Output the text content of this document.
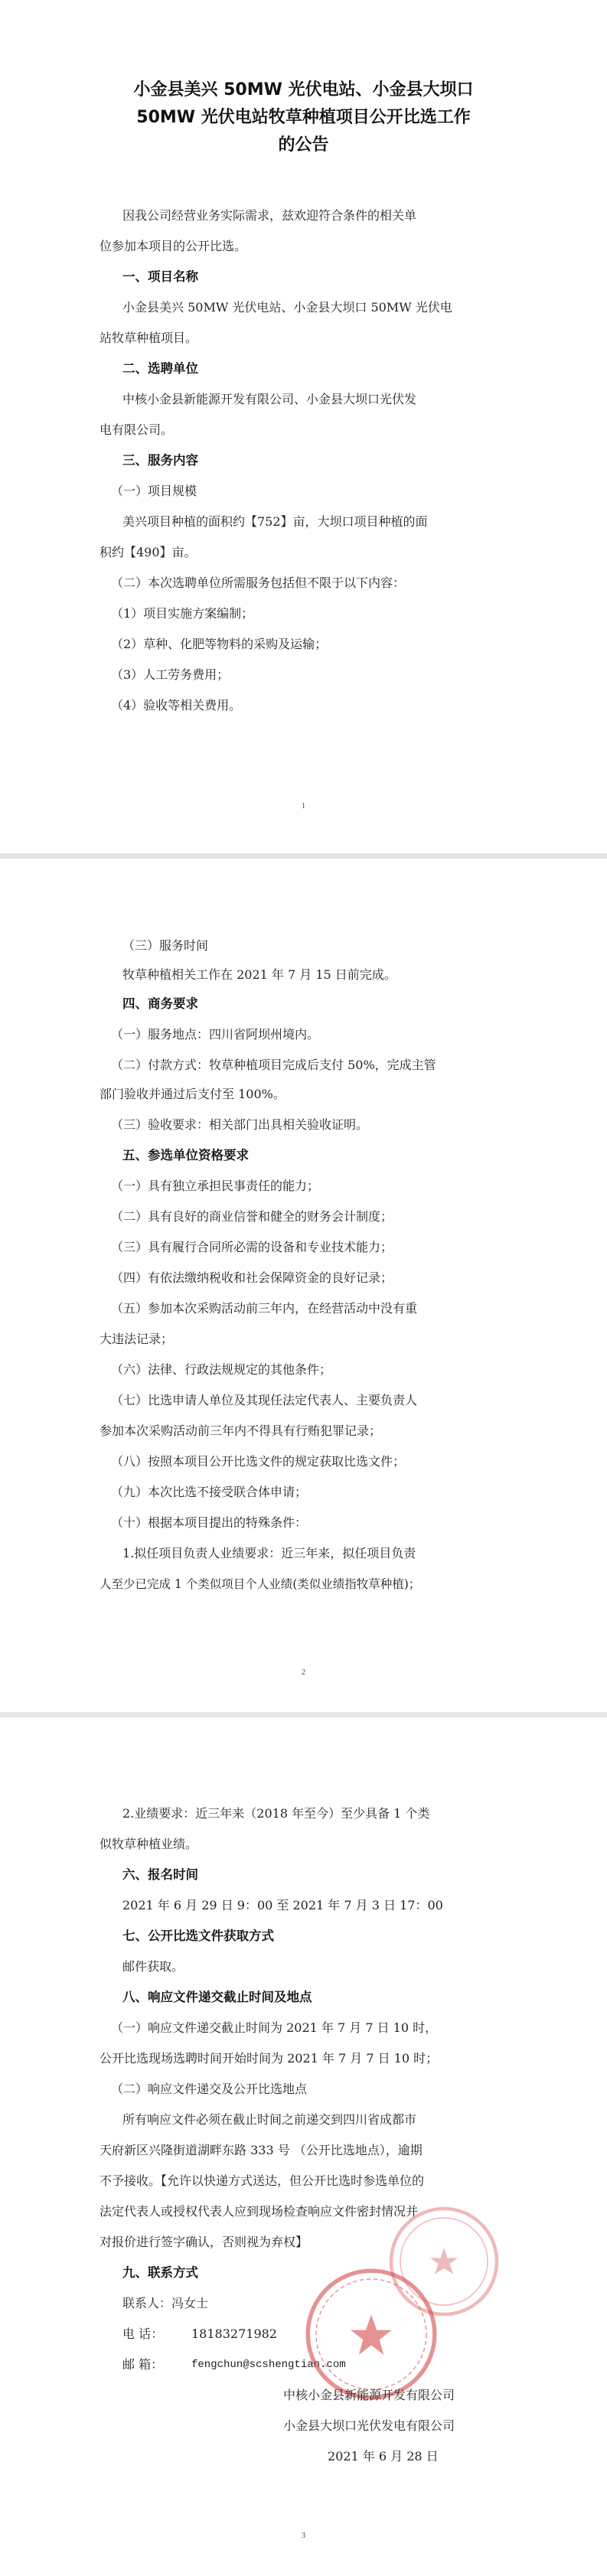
小金县美兴 50MW 光伏电站、小金县大坝口
50MW 光伏电站牧草种植项目公开比选工作
的公告
因我公司经营业务实际需求，兹欢迎符合条件的相关单
位参加本项目的公开比选。
一、项目名称
小金县美兴 50MW 光伏电站、小金县大坝口 50MW 光伏电
站牧草种植项目。
二、选聘单位
中核小金县新能源开发有限公司、小金县大坝口光伏发
电有限公司。
三、服务内容
（一）项目规模
美兴项目种植的面积约【752】亩，大坝口项目种植的面
积约【490】亩。
（二）本次选聘单位所需服务包括但不限于以下内容：
（1）项目实施方案编制；
（2）草种、化肥等物料的采购及运输；
（3）人工劳务费用；
（4）验收等相关费用。
1
（三）服务时间
牧草种植相关工作在 2021 年 7 月 15 日前完成。
四、商务要求
（一）服务地点：四川省阿坝州境内。
（二）付款方式：牧草种植项目完成后支付 50%，完成主管
部门验收并通过后支付至 100%。
（三）验收要求：相关部门出具相关验收证明。
五、参选单位资格要求
（一）具有独立承担民事责任的能力；
（二）具有良好的商业信誉和健全的财务会计制度；
（三）具有履行合同所必需的设备和专业技术能力；
（四）有依法缴纳税收和社会保障资金的良好记录；
（五）参加本次采购活动前三年内，在经营活动中没有重
大违法记录；
（六）法律、行政法规规定的其他条件；
（七）比选申请人单位及其现任法定代表人、主要负责人
参加本次采购活动前三年内不得具有行贿犯罪记录；
（八）按照本项目公开比选文件的规定获取比选文件；
（九）本次比选不接受联合体申请；
（十）根据本项目提出的特殊条件：
1.拟任项目负责人业绩要求：近三年来，拟任项目负责
人至少已完成 1 个类似项目个人业绩(类似业绩指牧草种植)；
2
2.业绩要求：近三年来（2018 年至今）至少具备 1 个类
似牧草种植业绩。
六、报名时间
2021 年 6 月 29 日 9：00 至 2021 年 7 月 3 日 17：00
七、公开比选文件获取方式
邮件获取。
八、响应文件递交截止时间及地点
（一）响应文件递交截止时间为 2021 年 7 月 7 日 10 时，
公开比选现场选聘时间开始时间为 2021 年 7 月 7 日 10 时；
（二）响应文件递交及公开比选地点
所有响应文件必须在截止时间之前递交到四川省成都市
天府新区兴隆街道湖畔东路 333 号 （公开比选地点），逾期
不予接收。【允许以快递方式送达，但公开比选时参选单位的
法定代表人或授权代表人应到现场检查响应文件密封情况并
对报价进行签字确认，否则视为弃权】
九、联系方式
联系人：冯女士
电 话： 18183271982
邮 箱：	fengchun@scshengtian.com
中核小金县新能源开发有限公司
小金县大坝口光伏发电有限公司
2021 年 6 月 28 日
3
